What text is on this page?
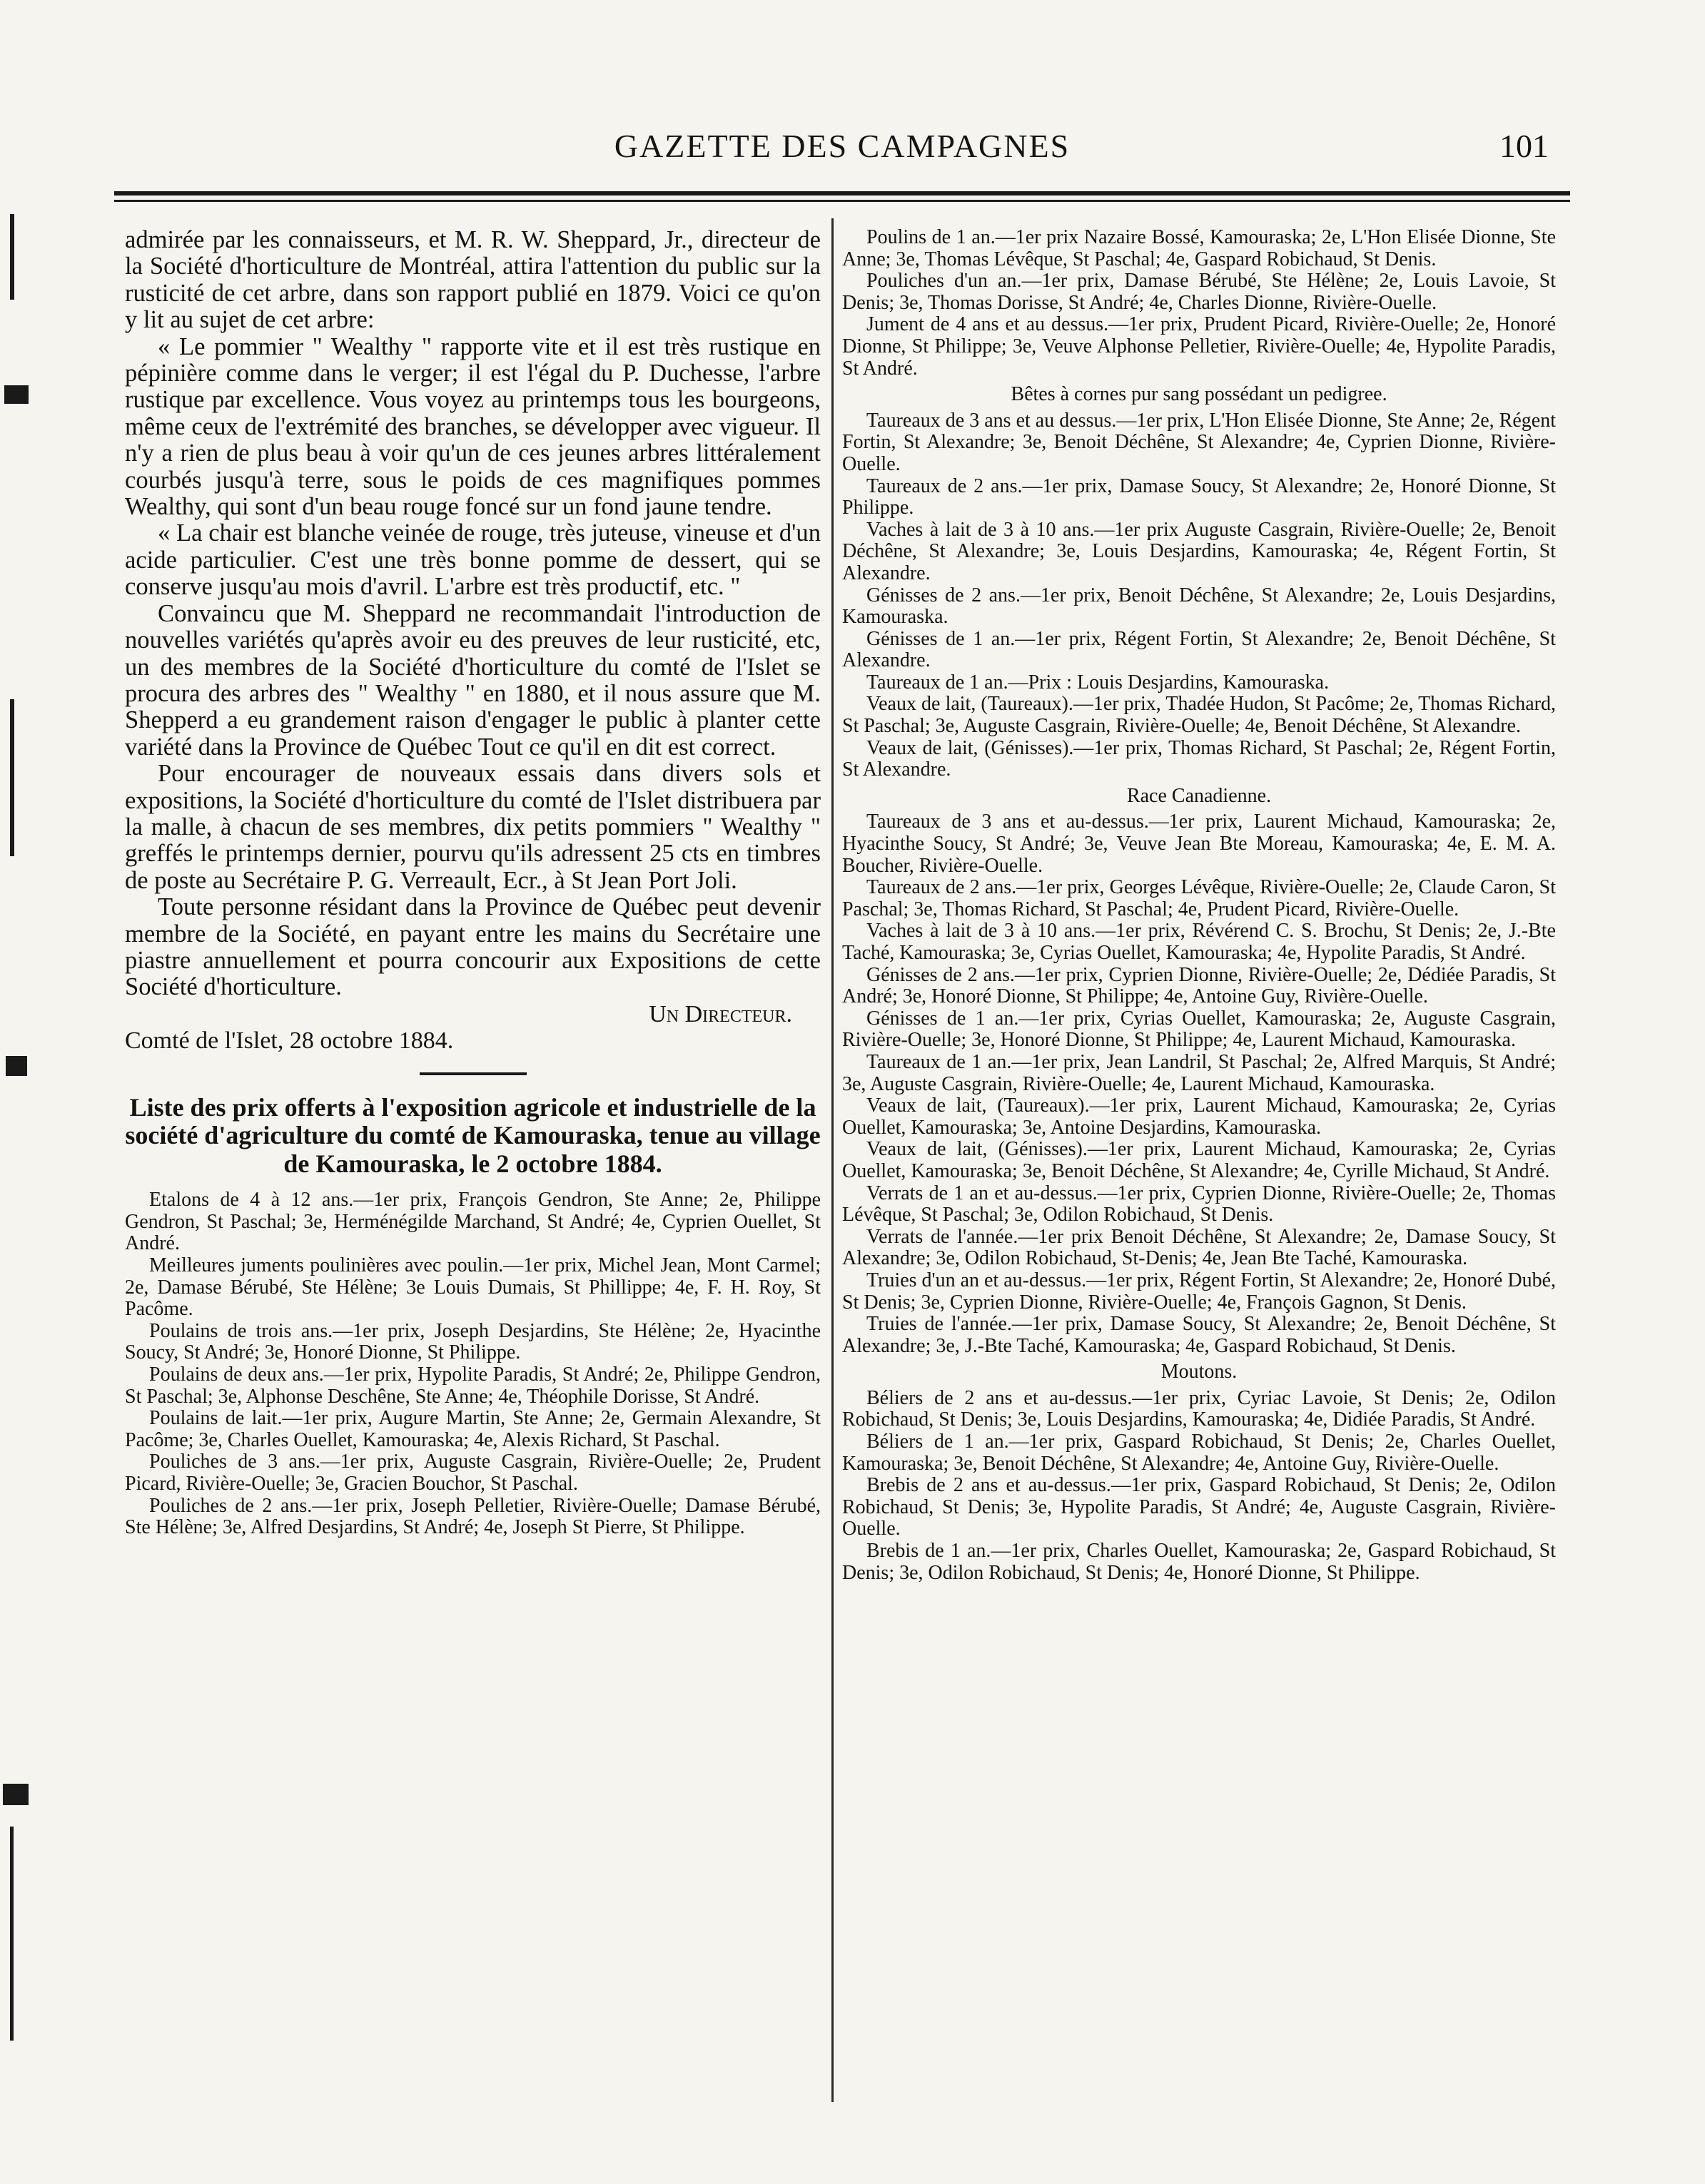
GAZETTE DES CAMPAGNES	101

admirée par les connaisseurs, et M. R. W. Sheppard, Jr., directeur de la Société d'horticulture de Montréal, attira l'attention du public sur la rusticité de cet arbre, dans son rapport publié en 1879. Voici ce qu'on y lit au sujet de cet arbre:

« Le pommier " Wealthy " rapporte vite et il est très rustique en pépinière comme dans le verger; il est l'égal du P. Duchesse, l'arbre rustique par excellence. Vous voyez au printemps tous les bourgeons, même ceux de l'extrémité des branches, se développer avec vigueur. Il n'y a rien de plus beau à voir qu'un de ces jeunes arbres littéralement courbés jusqu'à terre, sous le poids de ces magnifiques pommes Wealthy, qui sont d'un beau rouge foncé sur un fond jaune tendre.

« La chair est blanche veinée de rouge, très juteuse, vineuse et d'un acide particulier. C'est une très bonne pomme de dessert, qui se conserve jusqu'au mois d'avril. L'arbre est très productif, etc. "

Convaincu que M. Sheppard ne recommandait l'introduction de nouvelles variétés qu'après avoir eu des preuves de leur rusticité, etc, un des membres de la Société d'horticulture du comté de l'Islet se procura des arbres des " Wealthy " en 1880, et il nous assure que M. Shepperd a eu grandement raison d'engager le public à planter cette variété dans la Province de Québec Tout ce qu'il en dit est correct.

Pour encourager de nouveaux essais dans divers sols et expositions, la Société d'horticulture du comté de l'Islet distribuera par la malle, à chacun de ses membres, dix petits pommiers " Wealthy " greffés le printemps dernier, pourvu qu'ils adressent 25 cts en timbres de poste au Secrétaire P. G. Verreault, Ecr., à St Jean Port Joli.

Toute personne résidant dans la Province de Québec peut devenir membre de la Société, en payant entre les mains du Secrétaire une piastre annuellement et pourra concourir aux Expositions de cette Société d'horticulture.

Un Directeur.

Comté de l'Islet, 28 octobre 1884.

Liste des prix offerts à l'exposition agricole et industrielle de la société d'agriculture du comté de Kamouraska, tenue au village de Kamouraska, le 2 octobre 1884.

Etalons de 4 à 12 ans.—1er prix, François Gendron, Ste Anne; 2e, Philippe Gendron, St Paschal; 3e, Herménégilde Marchand, St André; 4e, Cyprien Ouellet, St André.

Meilleures juments poulinières avec poulin.—1er prix, Michel Jean, Mont Carmel; 2e, Damase Bérubé, Ste Hélène; 3e Louis Dumais, St Phillippe; 4e, F. H. Roy, St Pacôme.

Poulains de trois ans.—1er prix, Joseph Desjardins, Ste Hélène; 2e, Hyacinthe Soucy, St André; 3e, Honoré Dionne, St Philippe.

Poulains de deux ans.—1er prix, Hypolite Paradis, St André; 2e, Philippe Gendron, St Paschal; 3e, Alphonse Deschêne, Ste Anne; 4e, Théophile Dorisse, St André.

Poulains de lait.—1er prix, Augure Martin, Ste Anne; 2e, Germain Alexandre, St Pacôme; 3e, Charles Ouellet, Kamouraska; 4e, Alexis Richard, St Paschal.

Pouliches de 3 ans.—1er prix, Auguste Casgrain, Rivière-Ouelle; 2e, Prudent Picard, Rivière-Ouelle; 3e, Gracien Bouchor, St Paschal.

Pouliches de 2 ans.—1er prix, Joseph Pelletier, Rivière-Ouelle; Damase Bérubé, Ste Hélène; 3e, Alfred Desjardins, St André; 4e, Joseph St Pierre, St Philippe.

Poulins de 1 an.—1er prix Nazaire Bossé, Kamouraska; 2e, L'Hon Elisée Dionne, Ste Anne; 3e, Thomas Lévêque, St Paschal; 4e, Gaspard Robichaud, St Denis.

Pouliches d'un an.—1er prix, Damase Bérubé, Ste Hélène; 2e, Louis Lavoie, St Denis; 3e, Thomas Dorisse, St André; 4e, Charles Dionne, Rivière-Ouelle.

Jument de 4 ans et au dessus.—1er prix, Prudent Picard, Rivière-Ouelle; 2e, Honoré Dionne, St Philippe; 3e, Veuve Alphonse Pelletier, Rivière-Ouelle; 4e, Hypolite Paradis, St André.

Bêtes à cornes pur sang possédant un pedigree.

Taureaux de 3 ans et au dessus.—1er prix, L'Hon Elisée Dionne, Ste Anne; 2e, Régent Fortin, St Alexandre; 3e, Benoit Déchêne, St Alexandre; 4e, Cyprien Dionne, Rivière-Ouelle.

Taureaux de 2 ans.—1er prix, Damase Soucy, St Alexandre; 2e, Honoré Dionne, St Philippe.

Vaches à lait de 3 à 10 ans.—1er prix Auguste Casgrain, Rivière-Ouelle; 2e, Benoit Déchêne, St Alexandre; 3e, Louis Desjardins, Kamouraska; 4e, Régent Fortin, St Alexandre.

Génisses de 2 ans.—1er prix, Benoit Déchêne, St Alexandre; 2e, Louis Desjardins, Kamouraska.

Génisses de 1 an.—1er prix, Régent Fortin, St Alexandre; 2e, Benoit Déchêne, St Alexandre.

Taureaux de 1 an.—Prix : Louis Desjardins, Kamouraska.

Veaux de lait, (Taureaux).—1er prix, Thadée Hudon, St Pacôme; 2e, Thomas Richard, St Paschal; 3e, Auguste Casgrain, Rivière-Ouelle; 4e, Benoit Déchêne, St Alexandre.

Veaux de lait, (Génisses).—1er prix, Thomas Richard, St Paschal; 2e, Régent Fortin, St Alexandre.

Race Canadienne.

Taureaux de 3 ans et au-dessus.—1er prix, Laurent Michaud, Kamouraska; 2e, Hyacinthe Soucy, St André; 3e, Veuve Jean Bte Moreau, Kamouraska; 4e, E. M. A. Boucher, Rivière-Ouelle.

Taureaux de 2 ans.—1er prix, Georges Lévêque, Rivière-Ouelle; 2e, Claude Caron, St Paschal; 3e, Thomas Richard, St Paschal; 4e, Prudent Picard, Rivière-Ouelle.

Vaches à lait de 3 à 10 ans.—1er prix, Révérend C. S. Brochu, St Denis; 2e, J.-Bte Taché, Kamouraska; 3e, Cyrias Ouellet, Kamouraska; 4e, Hypolite Paradis, St André.

Génisses de 2 ans.—1er prix, Cyprien Dionne, Rivière-Ouelle; 2e, Dédiée Paradis, St André; 3e, Honoré Dionne, St Philippe; 4e, Antoine Guy, Rivière-Ouelle.

Génisses de 1 an.—1er prix, Cyrias Ouellet, Kamouraska; 2e, Auguste Casgrain, Rivière-Ouelle; 3e, Honoré Dionne, St Philippe; 4e, Laurent Michaud, Kamouraska.

Taureaux de 1 an.—1er prix, Jean Landril, St Paschal; 2e, Alfred Marquis, St André; 3e, Auguste Casgrain, Rivière-Ouelle; 4e, Laurent Michaud, Kamouraska.

Veaux de lait, (Taureaux).—1er prix, Laurent Michaud, Kamouraska; 2e, Cyrias Ouellet, Kamouraska; 3e, Antoine Desjardins, Kamouraska.

Veaux de lait, (Génisses).—1er prix, Laurent Michaud, Kamouraska; 2e, Cyrias Ouellet, Kamouraska; 3e, Benoit Déchêne, St Alexandre; 4e, Cyrille Michaud, St André.

Verrats de 1 an et au-dessus.—1er prix, Cyprien Dionne, Rivière-Ouelle; 2e, Thomas Lévêque, St Paschal; 3e, Odilon Robichaud, St Denis.

Verrats de l'année.—1er prix Benoit Déchêne, St Alexandre; 2e, Damase Soucy, St Alexandre; 3e, Odilon Robichaud, St-Denis; 4e, Jean Bte Taché, Kamouraska.

Truies d'un an et au-dessus.—1er prix, Régent Fortin, St Alexandre; 2e, Honoré Dubé, St Denis; 3e, Cyprien Dionne, Rivière-Ouelle; 4e, François Gagnon, St Denis.

Truies de l'année.—1er prix, Damase Soucy, St Alexandre; 2e, Benoit Déchêne, St Alexandre; 3e, J.-Bte Taché, Kamouraska; 4e, Gaspard Robichaud, St Denis.

Moutons.

Béliers de 2 ans et au-dessus.—1er prix, Cyriac Lavoie, St Denis; 2e, Odilon Robichaud, St Denis; 3e, Louis Desjardins, Kamouraska; 4e, Didiée Paradis, St André.

Béliers de 1 an.—1er prix, Gaspard Robichaud, St Denis; 2e, Charles Ouellet, Kamouraska; 3e, Benoit Déchêne, St Alexandre; 4e, Antoine Guy, Rivière-Ouelle.

Brebis de 2 ans et au-dessus.—1er prix, Gaspard Robichaud, St Denis; 2e, Odilon Robichaud, St Denis; 3e, Hypolite Paradis, St André; 4e, Auguste Casgrain, Rivière-Ouelle.

Brebis de 1 an.—1er prix, Charles Ouellet, Kamouraska; 2e, Gaspard Robichaud, St Denis; 3e, Odilon Robichaud, St Denis; 4e, Honoré Dionne, St Philippe.
